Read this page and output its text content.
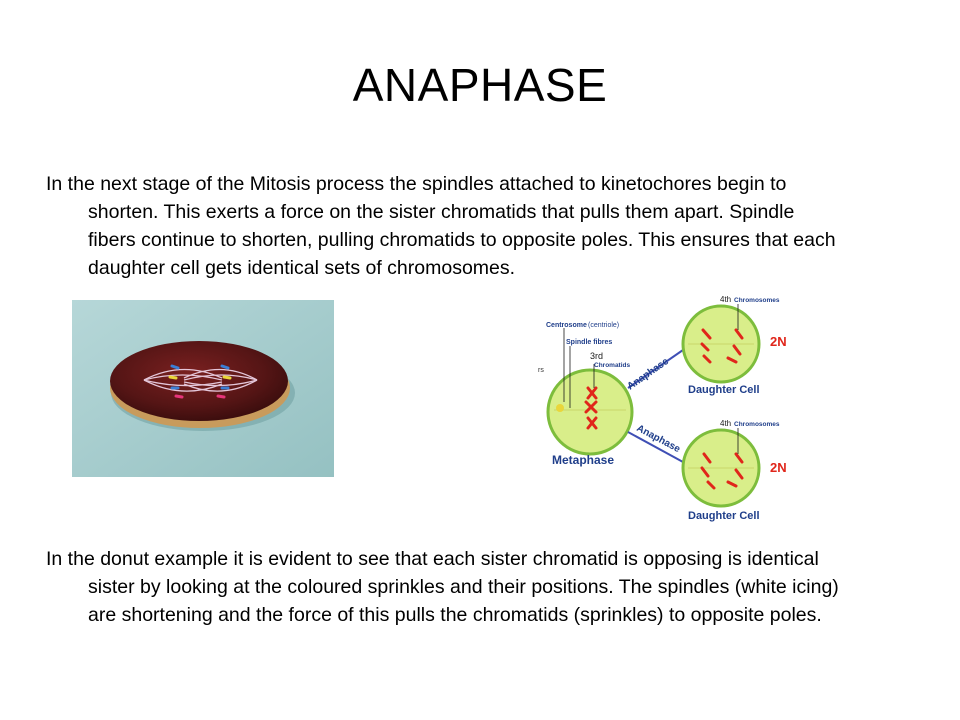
ANAPHASE
In the next stage of the Mitosis process the spindles attached to kinetochores begin to
shorten. This exerts a force on the sister chromatids that pulls them apart. Spindle
fibers continue to shorten, pulling chromatids to opposite poles. This ensures that each
daughter cell gets identical sets of chromosomes.
rs
Centrosome (centriole)
Spindle fibres
3rd
Chromatids
Metaphase
Anaphase
Anaphase
4th Chromosomes
2N
Daughter Cell
4th Chromosomes
2N
Daughter Cell
In the donut example it is evident to see that each sister chromatid is opposing is identical
sister by looking at the coloured sprinkles and their positions. The spindles (white icing)
are shortening and the force of this pulls the chromatids (sprinkles) to opposite poles.
